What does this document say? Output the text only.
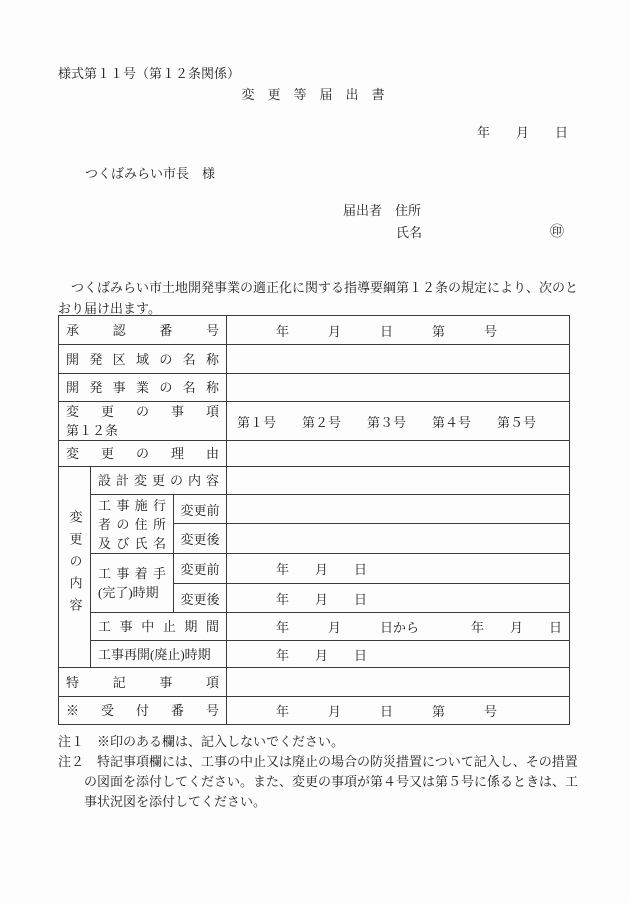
様式第１１号（第１２条関係）
変　更　等　届　出　書
年　　月　　日
つくばみらい市長　様
届出者　住所
氏名	㊞
　つくばみらい市土地開発事業の適正化に関する指導要綱第１２条の規定により、次のと
おり届け出ます。
承認番号			　　　年　　　月　　　日　　　第　　　号

開発区域の名称			

開発事業の名称			

変更の事項
第１２条			第１号　　第２号　　第３号　　第４号　　第５号

変更の理由			

変更の内容	設計変更の内容		

	工事施行
者の住所
及び氏名	変更前	
		変更後	

	工事着手
(完了)時期	変更前	　　　年　　月　　日
		変更後	　　　年　　月　　日

	工事中止期間		　　　年　　　月　　　日から　　　　年　　月　　日

	工事再開(廃止)時期		　　　年　　月　　日

特記事項			

※受付番号			　　　年　　　月　　　日　　　第　　　号
注１　※印のある欄は、記入しないでください。
注２　特記事項欄には、工事の中止又は廃止の場合の防災措置について記入し、その措置
の図面を添付してください。また、変更の事項が第４号又は第５号に係るときは、工
事状況図を添付してください。
